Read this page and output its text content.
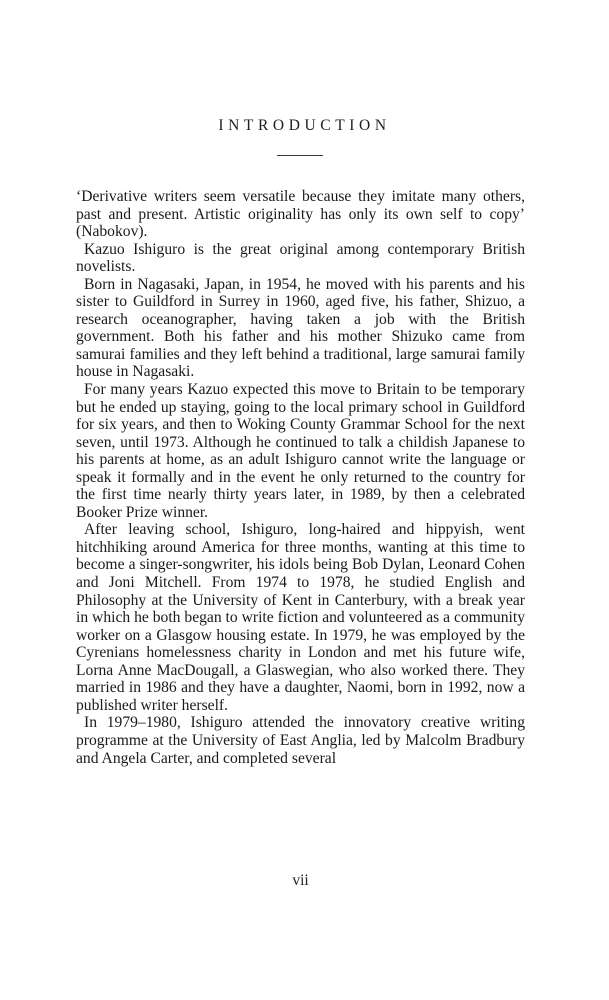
INTRODUCTION

‘Derivative writers seem versatile because they imitate many others, past and present. Artistic originality has only its own self to copy’ (Nabokov).

Kazuo Ishiguro is the great original among contemporary British novelists.

Born in Nagasaki, Japan, in 1954, he moved with his parents and his sister to Guildford in Surrey in 1960, aged five, his father, Shizuo, a research oceanographer, having taken a job with the British government. Both his father and his mother Shizuko came from samurai families and they left behind a traditional, large samurai family house in Nagasaki.

For many years Kazuo expected this move to Britain to be temporary but he ended up staying, going to the local primary school in Guildford for six years, and then to Woking County Grammar School for the next seven, until 1973. Although he continued to talk a childish Japanese to his parents at home, as an adult Ishiguro cannot write the language or speak it formally and in the event he only returned to the country for the first time nearly thirty years later, in 1989, by then a celebrated Booker Prize winner.

After leaving school, Ishiguro, long-haired and hippyish, went hitchhiking around America for three months, wanting at this time to become a singer-songwriter, his idols being Bob Dylan, Leonard Cohen and Joni Mitchell. From 1974 to 1978, he studied English and Philosophy at the University of Kent in Canterbury, with a break year in which he both began to write fiction and volunteered as a community worker on a Glasgow housing estate. In 1979, he was employed by the Cyrenians homelessness charity in London and met his future wife, Lorna Anne MacDougall, a Glaswegian, who also worked there. They married in 1986 and they have a daughter, Naomi, born in 1992, now a published writer herself.

In 1979–1980, Ishiguro attended the innovatory creative writing programme at the University of East Anglia, led by Malcolm Bradbury and Angela Carter, and completed several

vii
